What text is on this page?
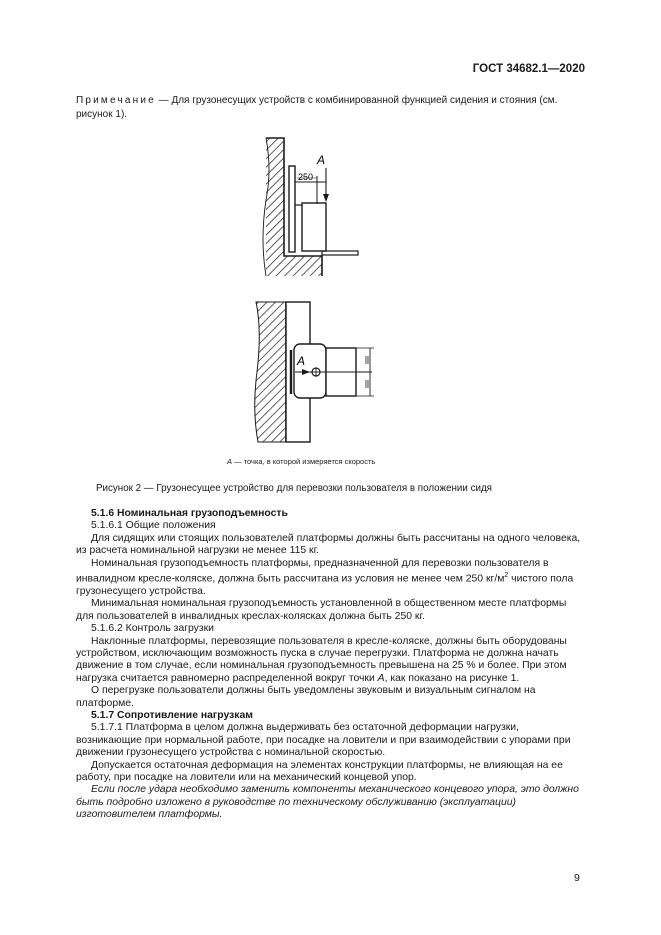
ГОСТ 34682.1—2020
Примечание — Для грузонесущих устройств с комбинированной функцией сидения и стояния (см. рисунок 1).
250
A
A
A — точка, в которой измеряется скорость
Рисунок 2 — Грузонесущее устройство для перевозки пользователя в положении сидя

5.1.6 Номинальная грузоподъемность

5.1.6.1 Общие положения

Для сидящих или стоящих пользователей платформы должны быть рассчитаны на одного человека, из расчета номинальной нагрузки не менее 115 кг.

Номинальная грузоподъемность платформы, предназначенной для перевозки пользователя в инвалидном кресле-коляске, должна быть рассчитана из условия не менее чем 250 $кг/м^2$ чистого пола грузонесущего устройства.

Минимальная номинальная грузоподъемность установленной в общественном месте платформы для пользователей в инвалидных креслах-колясках должна быть 250 кг.

5.1.6.2 Контроль загрузки

Наклонные платформы, перевозящие пользователя в кресле-коляске, должны быть оборудованы устройством, исключающим возможность пуска в случае перегрузки. Платформа не должна начать движение в том случае, если номинальная грузоподъемность превышена на 25 % и более. При этом нагрузка считается равномерно распределенной вокруг точки A, как показано на рисунке 1.

О перегрузке пользователи должны быть уведомлены звуковым и визуальным сигналом на платформе.

5.1.7 Сопротивление нагрузкам

5.1.7.1 Платформа в целом должна выдерживать без остаточной деформации нагрузки, возникающие при нормальной работе, при посадке на ловители и при взаимодействии с упорами при движении грузонесущего устройства с номинальной скоростью.

Допускается остаточная деформация на элементах конструкции платформы, не влияющая на ее работу, при посадке на ловители или на механический концевой упор.

Если после удара необходимо заменить компоненты механического концевого упора, это должно быть подробно изложено в руководстве по техническому обслуживанию (эксплуатации) изготовителем платформы.

9
